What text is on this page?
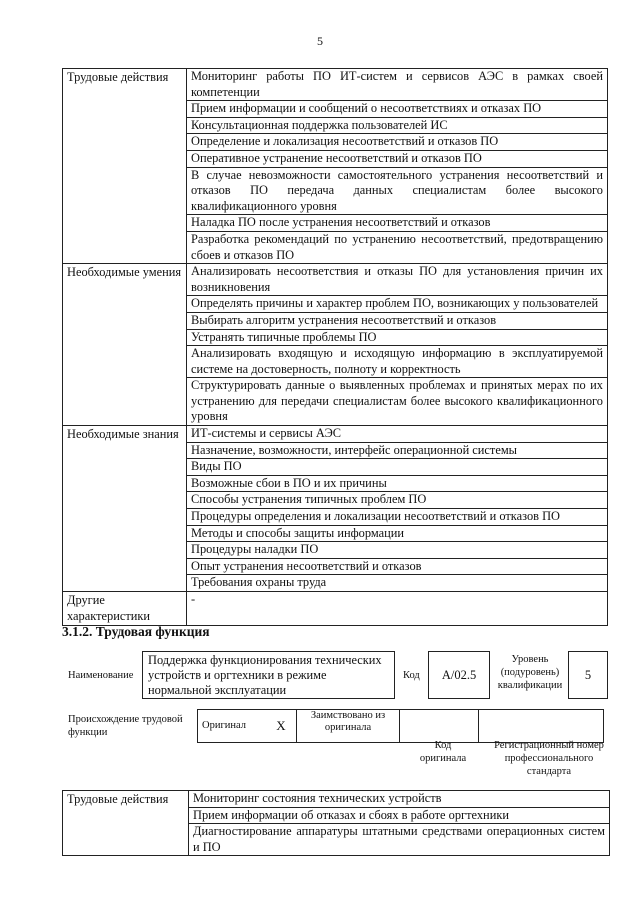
5
Трудовые действия	Мониторинг работы ПО ИТ-систем и сервисов АЭС в рамках своей компетенции
	Прием информации и сообщений о несоответствиях и отказах ПО
	Консультационная поддержка пользователей ИС
	Определение и локализация несоответствий и отказов ПО
	Оперативное устранение несоответствий и отказов ПО
	В случае невозможности самостоятельного устранения несоответствий и отказов ПО передача данных специалистам более высокого квалификационного уровня
	Наладка ПО после устранения несоответствий и отказов
	Разработка рекомендаций по устранению несоответствий, предотвращению сбоев и отказов ПО
Необходимые умения	Анализировать несоответствия и отказы ПО для установления причин их возникновения
	Определять причины и характер проблем ПО, возникающих у пользователей
	Выбирать алгоритм устранения несоответствий и отказов
	Устранять типичные проблемы ПО
	Анализировать входящую и исходящую информацию в эксплуатируемой системе на достоверность, полноту и корректность
	Структурировать данные о выявленных проблемах и принятых мерах по их устранению для передачи специалистам более высокого квалификационного уровня
Необходимые знания	ИТ-системы и сервисы АЭС
	Назначение, возможности, интерфейс операционной системы
	Виды ПО
	Возможные сбои в ПО и их причины
	Способы устранения типичных проблем ПО
	Процедуры определения и локализации несоответствий и отказов ПО
	Методы и способы защиты информации
	Процедуры наладки ПО
	Опыт устранения несоответствий и отказов
	Требования охраны труда
Другие характеристики	-
3.1.2. Трудовая функция
Наименование
Поддержка функционирования технических устройств и оргтехники в режиме нормальной эксплуатации
Код	A/02.5
Уровень (подуровень) квалификации
5
Происхождение трудовой функции
Оригинал	X	Заимствовано из оригинала		
Код оригинала
Регистрационный номер профессионального стандарта
Трудовые действия	Мониторинг состояния технических устройств
Прием информации об отказах и сбоях в работе оргтехники
Диагностирование аппаратуры штатными средствами операционных систем и ПО
